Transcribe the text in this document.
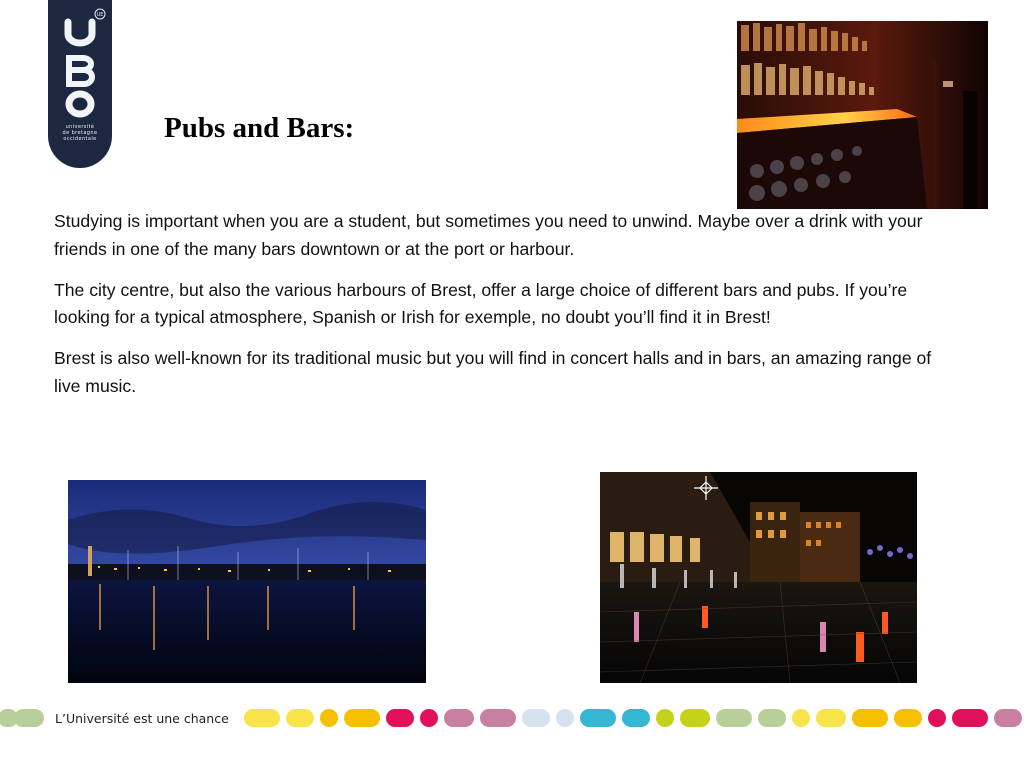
UE
université
de bretagne
occidentale	Pubs and Bars:

Studying is important when you are a student, but sometimes you need to unwind. Maybe over a drink with your friends in one of the many bars downtown or at the port or harbour.

The city centre, but also the various harbours of Brest, offer a large choice of different bars and pubs. If you’re looking for a typical atmosphere, Spanish or Irish for exemple, no doubt you’ll find it in Brest!

Brest is also well-known for its traditional music but you will find in concert halls and in bars, an amazing range of live music.

L’Université est une chance
